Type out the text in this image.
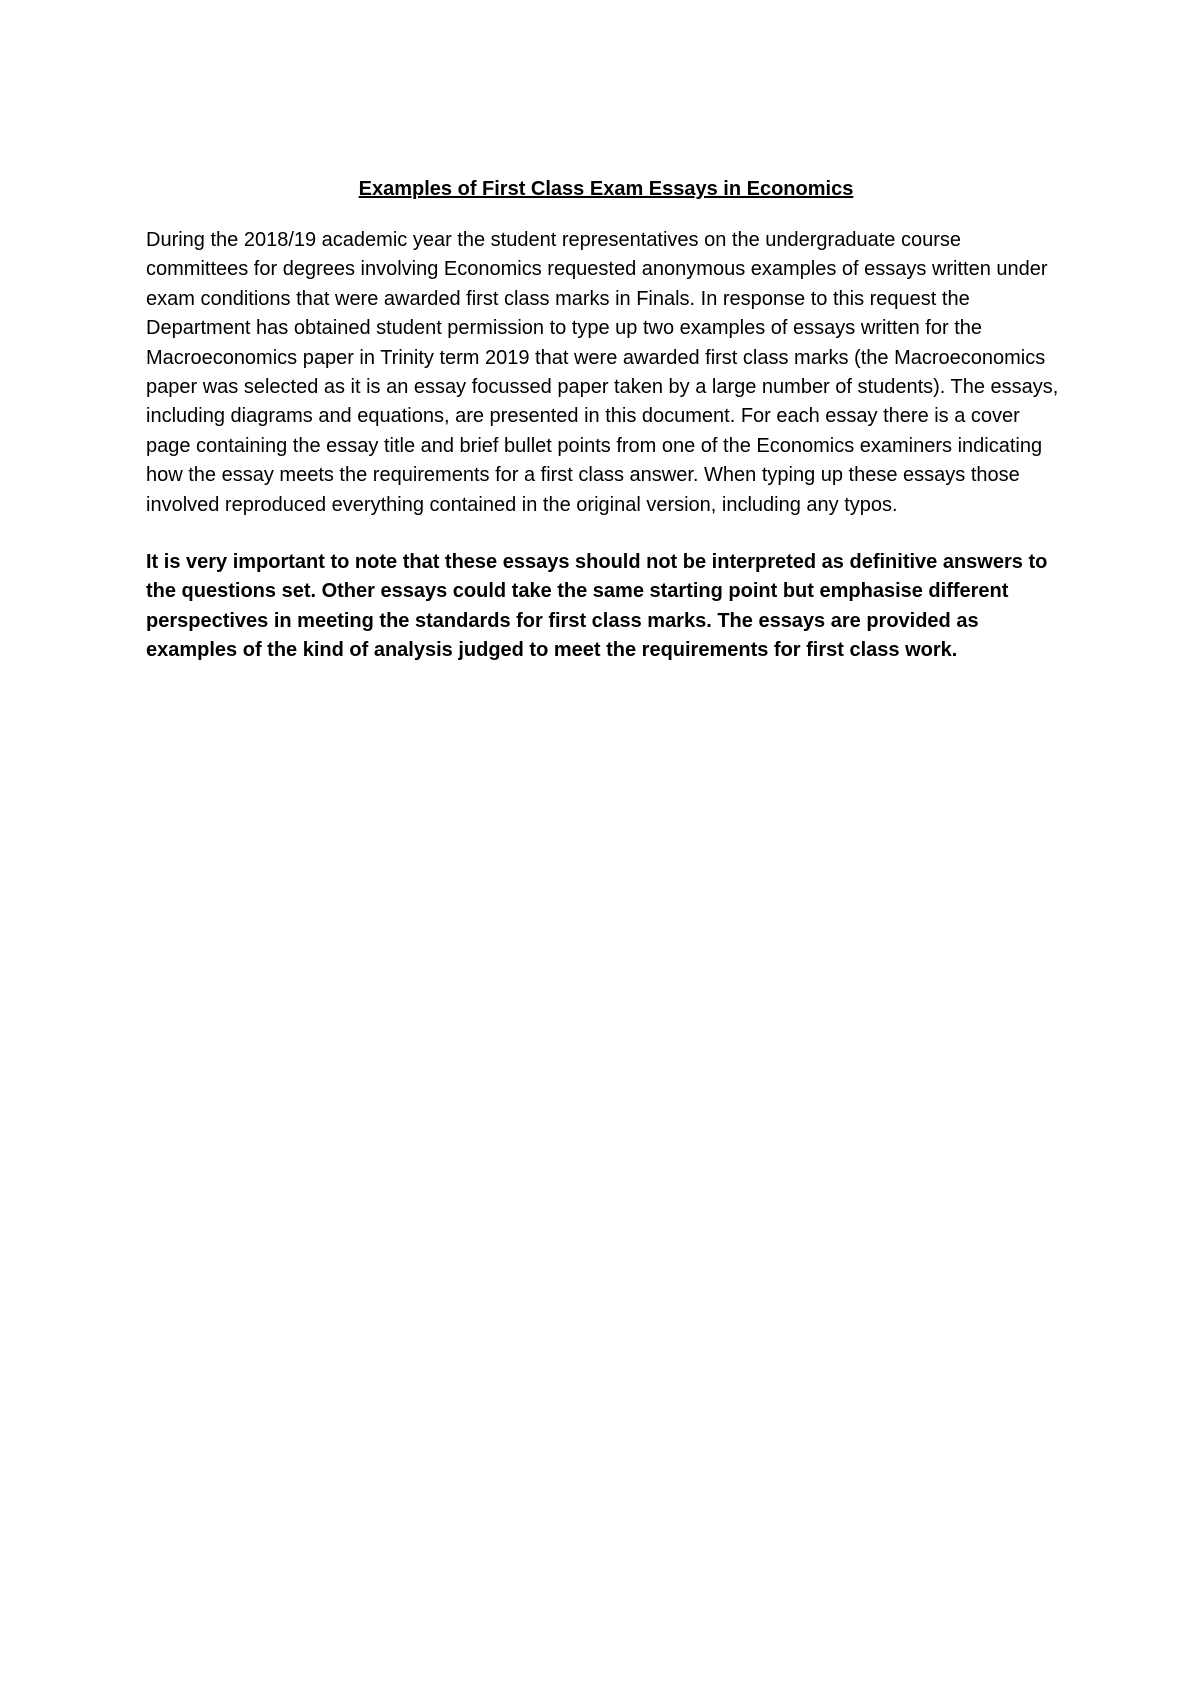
Examples of First Class Exam Essays in Economics

During the 2018/19 academic year the student representatives on the undergraduate course committees for degrees involving Economics requested anonymous examples of essays written under exam conditions that were awarded first class marks in Finals. In response to this request the Department has obtained student permission to type up two examples of essays written for the Macroeconomics paper in Trinity term 2019 that were awarded first class marks (the Macroeconomics paper was selected as it is an essay focussed paper taken by a large number of students). The essays, including diagrams and equations, are presented in this document. For each essay there is a cover page containing the essay title and brief bullet points from one of the Economics examiners indicating how the essay meets the requirements for a first class answer. When typing up these essays those involved reproduced everything contained in the original version, including any typos.

It is very important to note that these essays should not be interpreted as definitive answers to the questions set. Other essays could take the same starting point but emphasise different perspectives in meeting the standards for first class marks. The essays are provided as examples of the kind of analysis judged to meet the requirements for first class work.
